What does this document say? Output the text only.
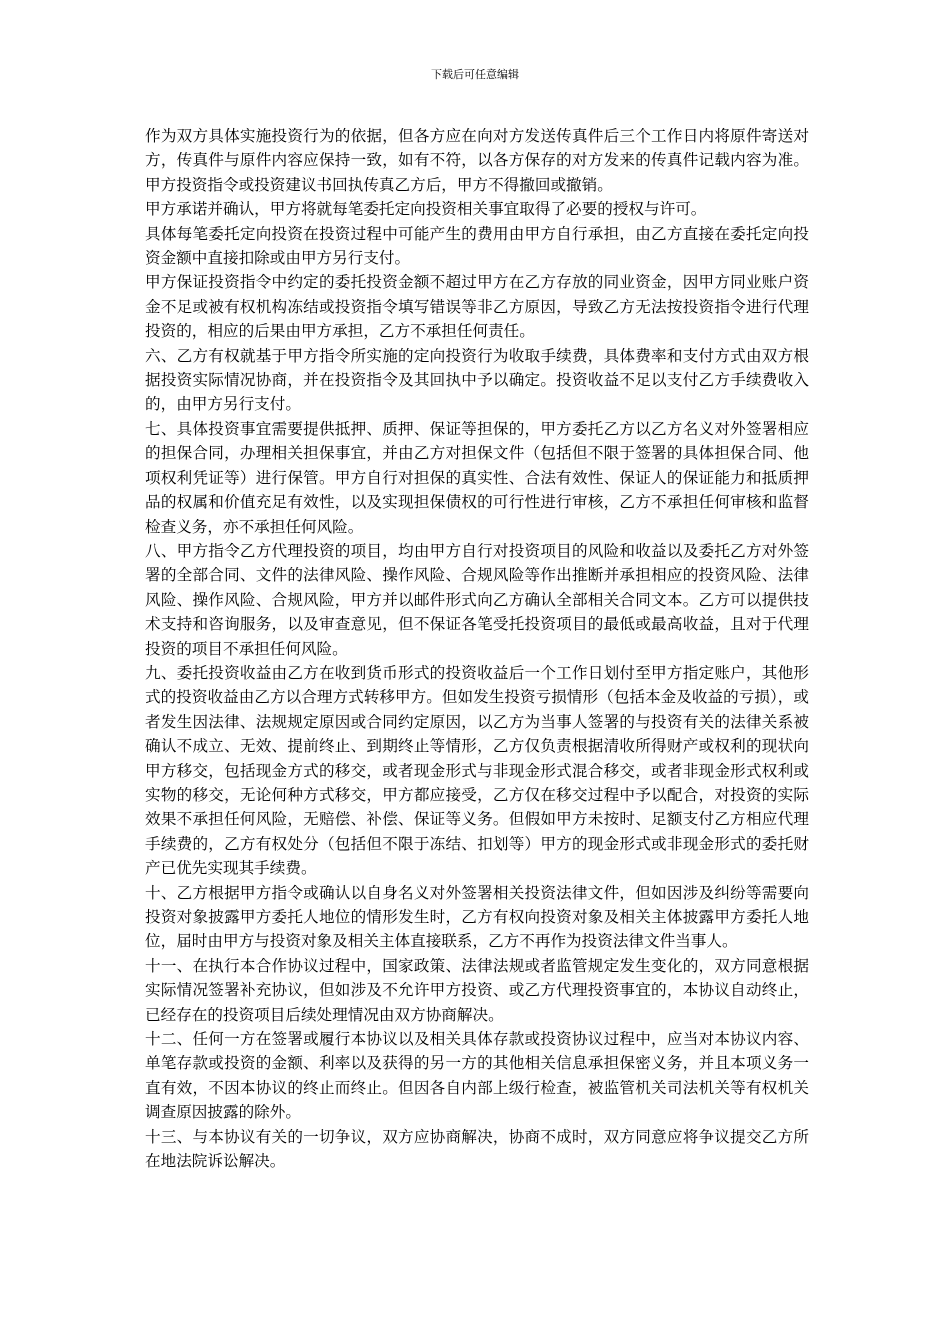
下载后可任意编辑

作为双方具体实施投资行为的依据，但各方应在向对方发送传真件后三个工作日内将原件寄送对方，传真件与原件内容应保持一致，如有不符，以各方保存的对方发来的传真件记载内容为准。甲方投资指令或投资建议书回执传真乙方后，甲方不得撤回或撤销。

甲方承诺并确认，甲方将就每笔委托定向投资相关事宜取得了必要的授权与许可。

具体每笔委托定向投资在投资过程中可能产生的费用由甲方自行承担，由乙方直接在委托定向投资金额中直接扣除或由甲方另行支付。

甲方保证投资指令中约定的委托投资金额不超过甲方在乙方存放的同业资金，因甲方同业账户资金不足或被有权机构冻结或投资指令填写错误等非乙方原因，导致乙方无法按投资指令进行代理投资的，相应的后果由甲方承担，乙方不承担任何责任。

六、乙方有权就基于甲方指令所实施的定向投资行为收取手续费，具体费率和支付方式由双方根据投资实际情况协商，并在投资指令及其回执中予以确定。投资收益不足以支付乙方手续费收入的，由甲方另行支付。

七、具体投资事宜需要提供抵押、质押、保证等担保的，甲方委托乙方以乙方名义对外签署相应的担保合同，办理相关担保事宜，并由乙方对担保文件（包括但不限于签署的具体担保合同、他项权利凭证等）进行保管。甲方自行对担保的真实性、合法有效性、保证人的保证能力和抵质押品的权属和价值充足有效性，以及实现担保债权的可行性进行审核，乙方不承担任何审核和监督检查义务，亦不承担任何风险。

八、甲方指令乙方代理投资的项目，均由甲方自行对投资项目的风险和收益以及委托乙方对外签署的全部合同、文件的法律风险、操作风险、合规风险等作出推断并承担相应的投资风险、法律风险、操作风险、合规风险，甲方并以邮件形式向乙方确认全部相关合同文本。乙方可以提供技术支持和咨询服务，以及审查意见，但不保证各笔受托投资项目的最低或最高收益，且对于代理投资的项目不承担任何风险。

九、委托投资收益由乙方在收到货币形式的投资收益后一个工作日划付至甲方指定账户，其他形式的投资收益由乙方以合理方式转移甲方。但如发生投资亏损情形（包括本金及收益的亏损），或者发生因法律、法规规定原因或合同约定原因，以乙方为当事人签署的与投资有关的法律关系被确认不成立、无效、提前终止、到期终止等情形，乙方仅负责根据清收所得财产或权利的现状向甲方移交，包括现金方式的移交，或者现金形式与非现金形式混合移交，或者非现金形式权利或实物的移交，无论何种方式移交，甲方都应接受，乙方仅在移交过程中予以配合，对投资的实际效果不承担任何风险，无赔偿、补偿、保证等义务。但假如甲方未按时、足额支付乙方相应代理手续费的，乙方有权处分（包括但不限于冻结、扣划等）甲方的现金形式或非现金形式的委托财产已优先实现其手续费。

十、乙方根据甲方指令或确认以自身名义对外签署相关投资法律文件，但如因涉及纠纷等需要向投资对象披露甲方委托人地位的情形发生时，乙方有权向投资对象及相关主体披露甲方委托人地位，届时由甲方与投资对象及相关主体直接联系，乙方不再作为投资法律文件当事人。

十一、在执行本合作协议过程中，国家政策、法律法规或者监管规定发生变化的，双方同意根据实际情况签署补充协议，但如涉及不允许甲方投资、或乙方代理投资事宜的，本协议自动终止，已经存在的投资项目后续处理情况由双方协商解决。

十二、任何一方在签署或履行本协议以及相关具体存款或投资协议过程中，应当对本协议内容、单笔存款或投资的金额、利率以及获得的另一方的其他相关信息承担保密义务，并且本项义务一直有效，不因本协议的终止而终止。但因各自内部上级行检查，被监管机关司法机关等有权机关调查原因披露的除外。

十三、与本协议有关的一切争议，双方应协商解决，协商不成时，双方同意应将争议提交乙方所在地法院诉讼解决。
